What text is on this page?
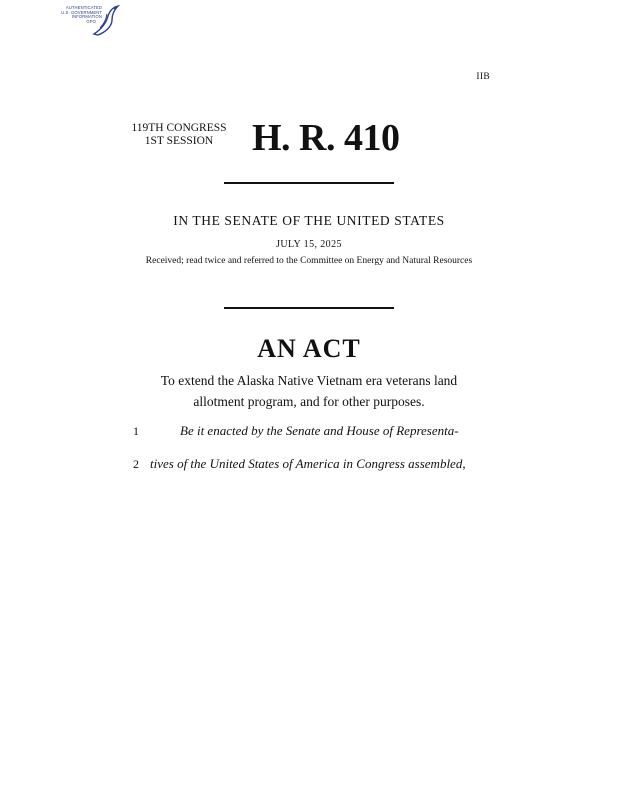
AUTHENTICATED
U.S. GOVERNMENT
INFORMATION
GPO
IIB
119TH CONGRESS
1ST SESSION	H. R. 410
IN THE SENATE OF THE UNITED STATES
JULY 15, 2025
Received; read twice and referred to the Committee on Energy and Natural Resources
AN ACT
To extend the Alaska Native Vietnam era veterans land allotment program, and for other purposes.
1	Be it enacted by the Senate and House of Representa-
2 tives of the United States of America in Congress assembled,
